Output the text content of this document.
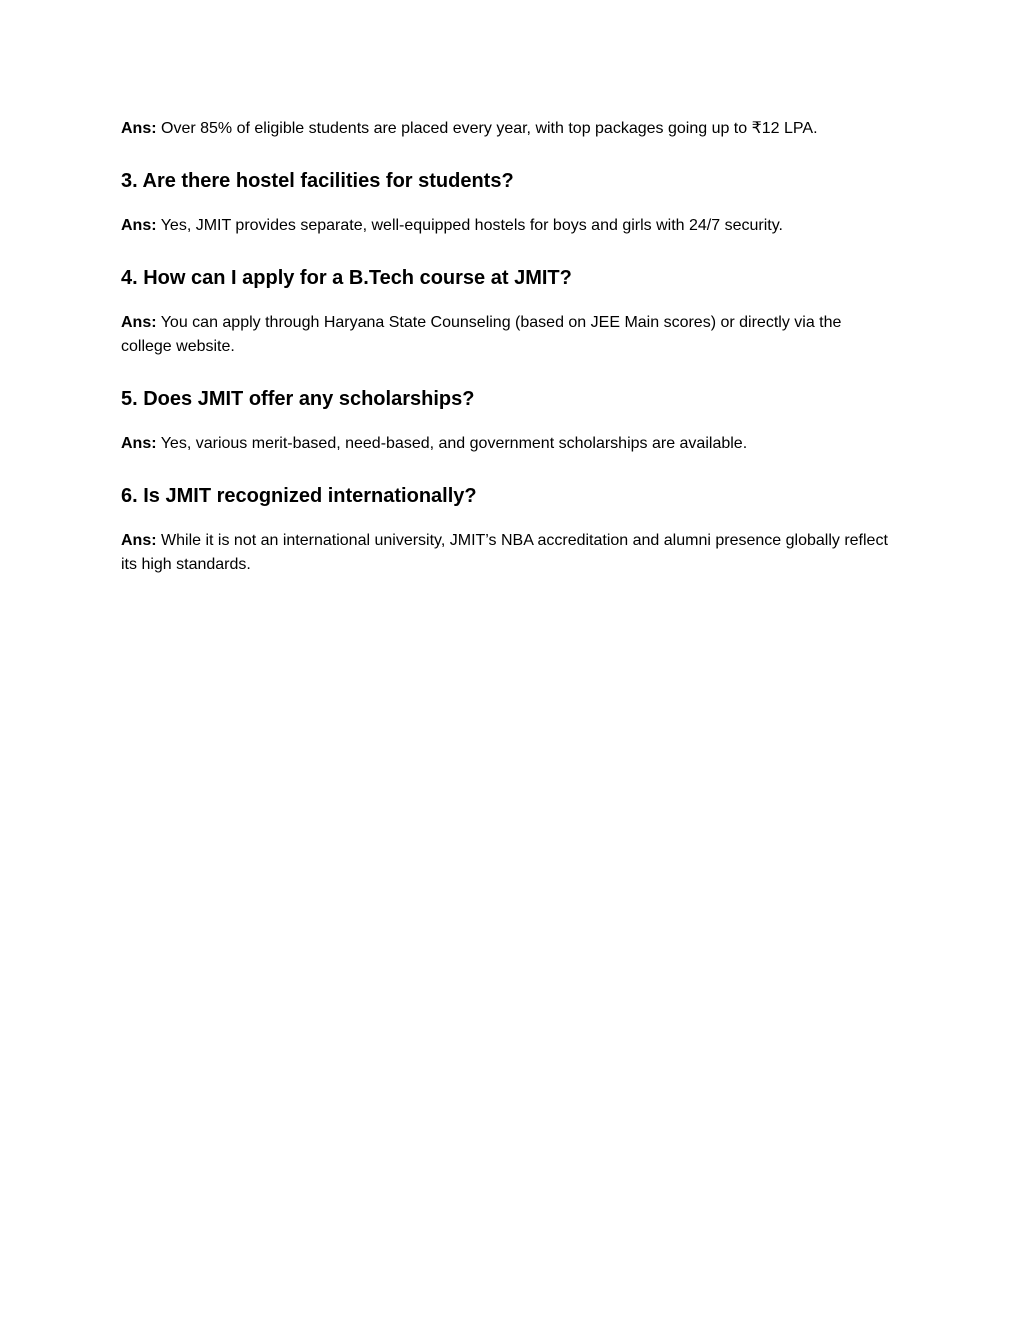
Ans: Over 85% of eligible students are placed every year, with top packages going up to ₹12 LPA.

3. Are there hostel facilities for students?

Ans: Yes, JMIT provides separate, well-equipped hostels for boys and girls with 24/7 security.

4. How can I apply for a B.Tech course at JMIT?

Ans: You can apply through Haryana State Counseling (based on JEE Main scores) or directly via the college website.

5. Does JMIT offer any scholarships?

Ans: Yes, various merit-based, need-based, and government scholarships are available.

6. Is JMIT recognized internationally?

Ans: While it is not an international university, JMIT’s NBA accreditation and alumni presence globally reflect its high standards.
